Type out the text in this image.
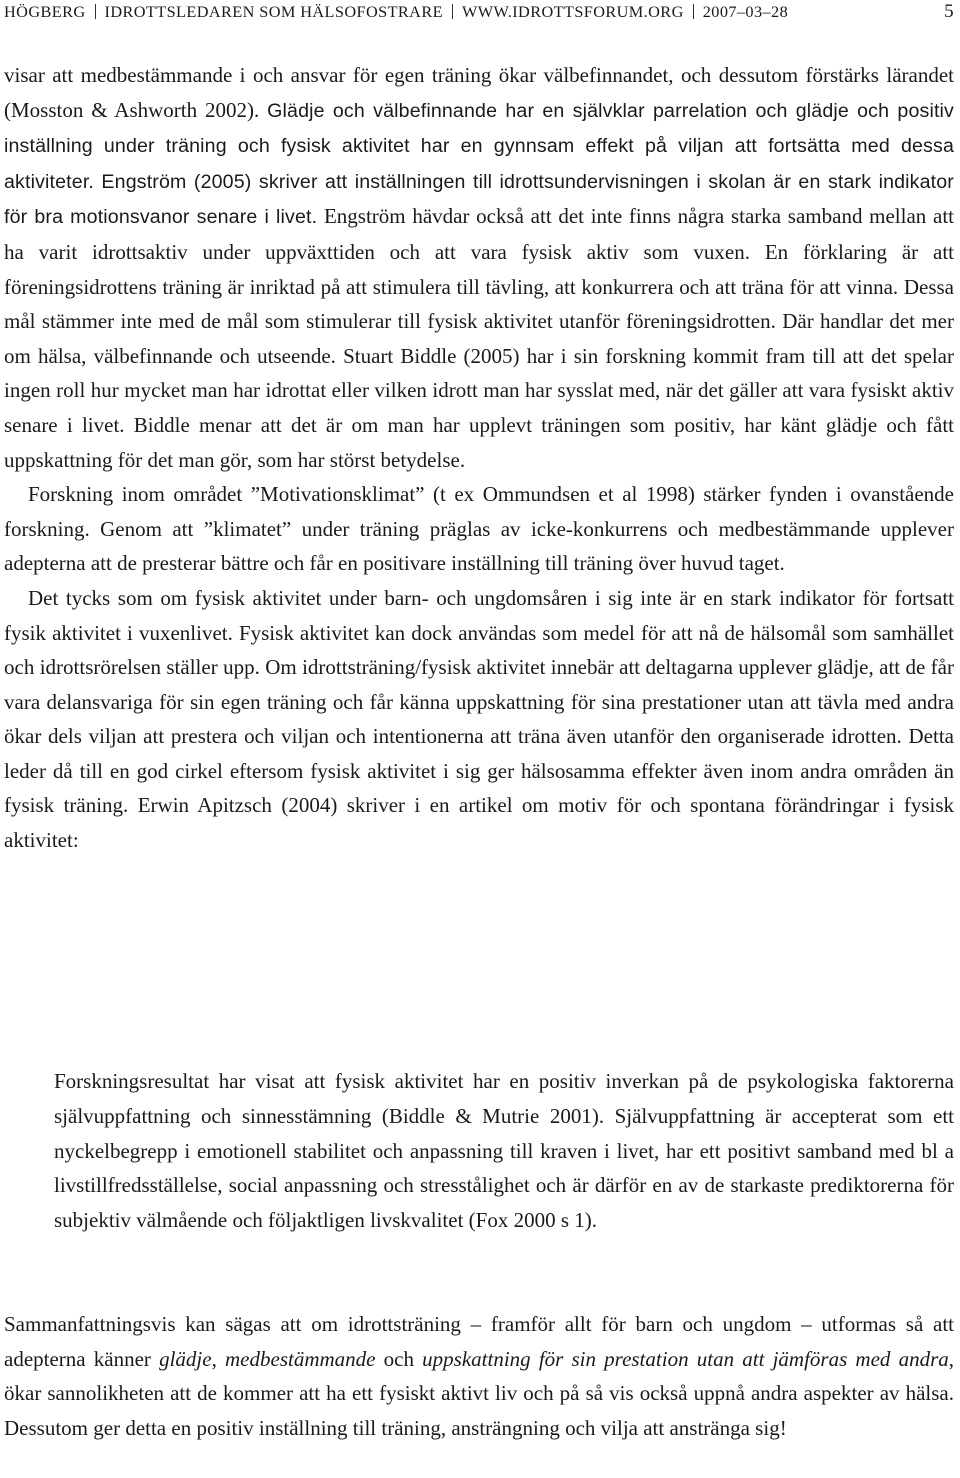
HÖGBERG IDROTTSLEDAREN SOM HÄLSOFOSTRARE WWW.IDROTTSFORUM.ORG 2007–03–28	5

visar att medbestämmande i och ansvar för egen träning ökar välbefinnandet, och dessutom förstärks lärandet (Mosston & Ashworth 2002). Glädje och välbefinnande har en självklar parrelation och glädje och positiv inställning under träning och fysisk aktivitet har en gynnsam effekt på viljan att fortsätta med dessa aktiviteter. Engström (2005) skriver att inställningen till idrottsundervisningen i skolan är en stark indikator för bra motionsvanor senare i livet. Engström hävdar också att det inte finns några starka samband mellan att ha varit idrottsaktiv under uppväxttiden och att vara fysisk aktiv som vuxen. En förklaring är att föreningsidrottens träning är inriktad på att stimulera till tävling, att konkurrera och att träna för att vinna. Dessa mål stämmer inte med de mål som stimulerar till fysisk aktivitet utanför föreningsidrotten. Där handlar det mer om hälsa, välbefinnande och utseende. Stuart Biddle (2005) har i sin forskning kommit fram till att det spelar ingen roll hur mycket man har idrottat eller vilken idrott man har sysslat med, när det gäller att vara fysiskt aktiv senare i livet. Biddle menar att det är om man har upplevt träningen som positiv, har känt glädje och fått uppskattning för det man gör, som har störst betydelse.

Forskning inom området ”Motivationsklimat” (t ex Ommundsen et al 1998) stärker fynden i ovanstående forskning. Genom att ”klimatet” under träning präglas av icke-konkurrens och medbestämmande upplever adepterna att de presterar bättre och får en positivare inställning till träning över huvud taget.

Det tycks som om fysisk aktivitet under barn- och ungdomsåren i sig inte är en stark indikator för fortsatt fysik aktivitet i vuxenlivet. Fysisk aktivitet kan dock användas som medel för att nå de hälsomål som samhället och idrottsrörelsen ställer upp. Om idrottsträning/fysisk aktivitet innebär att deltagarna upplever glädje, att de får vara delansvariga för sin egen träning och får känna uppskattning för sina prestationer utan att tävla med andra ökar dels viljan att prestera och viljan och intentionerna att träna även utanför den organiserade idrotten. Detta leder då till en god cirkel eftersom fysisk aktivitet i sig ger hälsosamma effekter även inom andra områden än fysisk träning. Erwin Apitzsch (2004) skriver i en artikel om motiv för och spontana förändringar i fysisk aktivitet:

Forskningsresultat har visat att fysisk aktivitet har en positiv inverkan på de psykologiska faktorerna självuppfattning och sinnesstämning (Biddle & Mutrie 2001). Självuppfattning är accepterat som ett nyckelbegrepp i emotionell stabilitet och anpassning till kraven i livet, har ett positivt samband med bl a livstillfredsställelse, social anpassning och stresstålighet och är därför en av de starkaste prediktorerna för subjektiv välmående och följaktligen livskvalitet (Fox 2000 s 1).

Sammanfattningsvis kan sägas att om idrottsträning – framför allt för barn och ungdom – utformas så att adepterna känner glädje, medbestämmande och uppskattning för sin prestation utan att jämföras med andra, ökar sannolikheten att de kommer att ha ett fysiskt aktivt liv och på så vis också uppnå andra aspekter av hälsa. Dessutom ger detta en positiv inställning till träning, ansträngning och vilja att anstränga sig!
